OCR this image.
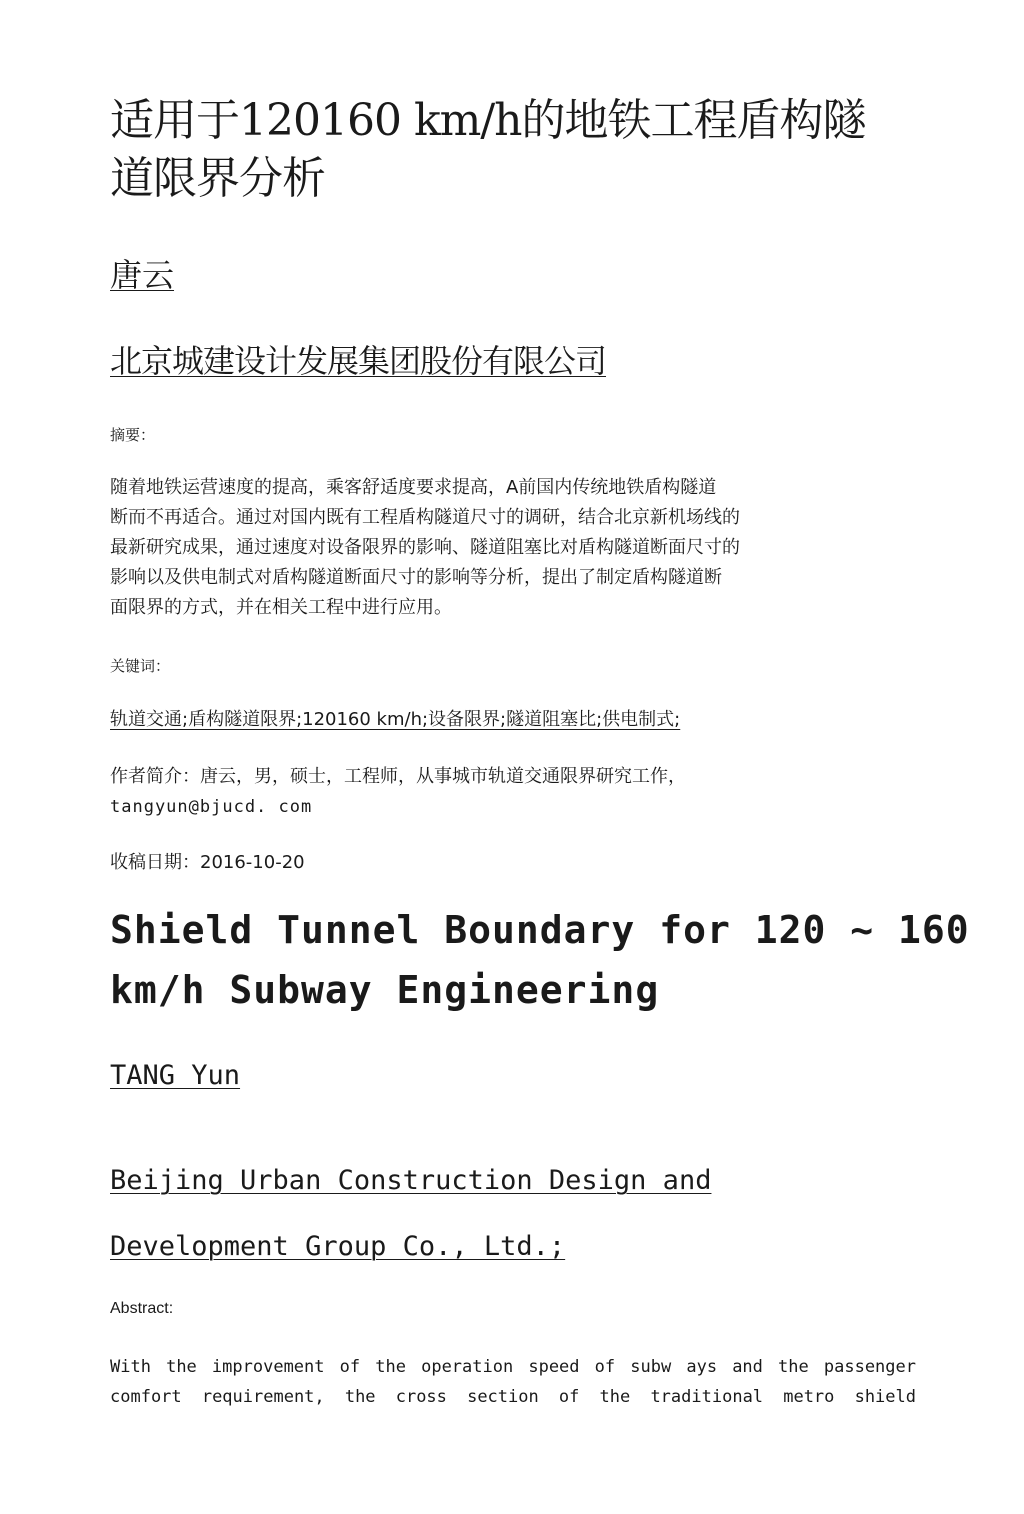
适用于120160 km/h的地铁工程盾构隧
道限界分析

唐云

北京城建设计发展集团股份有限公司

摘要：

随着地铁运营速度的提高，乘客舒适度要求提高，A前国内传统地铁盾构隧道
断而不再适合。通过对国内既有工程盾构隧道尺寸的调研，结合北京新机场线的
最新研究成果，通过速度对设备限界的影响、隧道阻塞比对盾构隧道断面尺寸的
影响以及供电制式对盾构隧道断面尺寸的影响等分析，提出了制定盾构隧道断
面限界的方式，并在相关工程中进行应用。

关键词：

轨道交通;盾构隧道限界;120160 km/h;设备限界;隧道阻塞比;供电制式;

作者简介：唐云，男，硕士，工程师，从事城市轨道交通限界研究工作，
tangyun@bjucd. com

收稿日期：2016-10-20

Shield Tunnel Boundary for 120 ~ 160
km/h Subway Engineering

TANG Yun

Beijing Urban Construction Design and
Development Group Co., Ltd.;

Abstract:

With the improvement of the operation speed of subw ays and the passenger
comfort requirement, the cross section of the traditional metro shield
